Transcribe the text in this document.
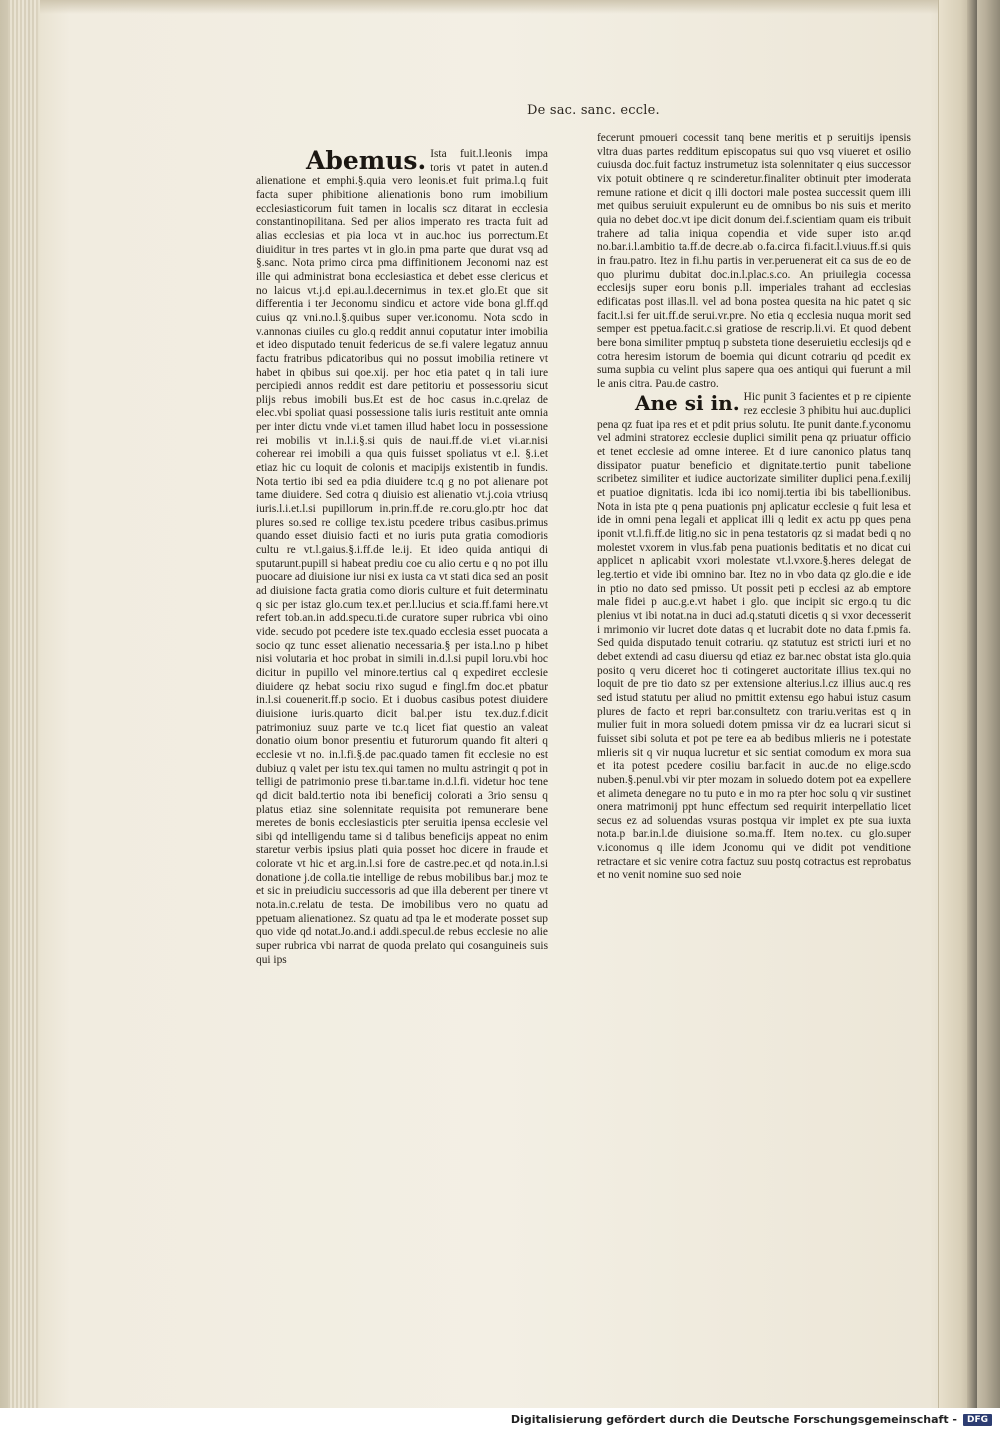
De sac. sanc. eccle.
Abemus. Ista fuit.l.leonis impa toris vt patet in auten.d alienatione et emphi.§.quia vero leonis.et fuit prima.l.q fuit facta super phibitione alienationis bono rum imobilium ecclesiasticorum fuit tamen in localis scz ditarat in ecclesia constantinopilitana. Sed per alios imperato res tracta fuit ad alias ecclesias et pia loca vt in auc.hoc ius porrectum.Et diuiditur in tres partes vt in glo.in pma parte que durat vsq ad §.sanc. Nota primo circa pma diffinitionem Jeconomi naz est ille qui administrat bona ecclesiastica et debet esse clericus et no laicus vt.j.d epi.au.l.decernimus in tex.et glo.Et que sit differentia i ter Jeconomu sindicu et actore vide bona gl.ff.qd cuius qz vni.no.l.§.quibus super ver.iconomu. Nota scdo in v.annonas ciuiles cu glo.q reddit annui coputatur inter imobilia et ideo disputado tenuit federicus de se.fi valere legatuz annuu factu fratribus pdicatoribus qui no possut imobilia retinere vt habet in qbibus sui qoe.xij. per hoc etia patet q in tali iure percipiedi annos reddit est dare petitoriu et possessoriu sicut plijs rebus imobili bus.Et est de hoc casus in.c.qrelaz de elec.vbi spoliat quasi possessione talis iuris restituit ante omnia per inter dictu vnde vi.et tamen illud habet locu in possessione rei mobilis vt in.l.i.§.si quis de naui.ff.de vi.et vi.ar.nisi coherear rei imobili a qua quis fuisset spoliatus vt e.l. §.i.et etiaz hic cu loquit de colonis et macipijs existentib in fundis. Nota tertio ibi sed ea pdia diuidere tc.q g no pot alienare pot tame diuidere. Sed cotra q diuisio est alienatio vt.j.coia vtriusq iuris.l.i.et.l.si pupillorum in.prin.ff.de re.coru.glo.ptr hoc dat plures so.sed re collige tex.istu pcedere tribus casibus.primus quando esset diuisio facti et no iuris puta gratia comodioris cultu re vt.l.gaius.§.i.ff.de le.ij. Et ideo quida antiqui di sputarunt.pupill si habeat prediu coe cu alio certu e q no pot illu puocare ad diuisione iur nisi ex iusta ca vt stati dica sed an posit ad diuisione facta gratia como dioris culture et fuit determinatu q sic per istaz glo.cum tex.et per.l.lucius et scia.ff.fami here.vt refert tob.an.in add.specu.ti.de curatore super rubrica vbi oino vide. secudo pot pcedere iste tex.quado ecclesia esset puocata a socio qz tunc esset alienatio necessaria.§ per ista.l.no p hibet nisi volutaria et hoc probat in simili in.d.l.si pupil loru.vbi hoc dicitur in pupillo vel minore.tertius cal q expediret ecclesie diuidere qz hebat sociu rixo sugud e fingl.fm doc.et pbatur in.l.si couenerit.ff.p socio. Et i duobus casibus potest diuidere diuisione iuris.quarto dicit bal.per istu tex.duz.f.dicit patrimoniuz suuz parte ve tc.q licet fiat questio an valeat donatio oium bonor presentiu et futurorum quando fit alteri q ecclesie vt no. in.l.fi.§.de pac.quado tamen fit ecclesie no est dubiuz q valet per istu tex.qui tamen no multu astringit q pot in telligi de patrimonio prese ti.bar.tame in.d.l.fi. videtur hoc tene qd dicit bald.tertio nota ibi beneficij colorati a 3rio sensu q platus etiaz sine solennitate requisita pot remunerare bene meretes de bonis ecclesiasticis pter seruitia ipensa ecclesie vel sibi qd intelligendu tame si d talibus beneficijs appeat no enim staretur verbis ipsius plati quia posset hoc dicere in fraude et colorate vt hic et arg.in.l.si fore de castre.pec.et qd nota.in.l.si donatione j.de colla.tie intellige de rebus mobilibus bar.j moz te et sic in preiudiciu successoris ad que illa deberent per tinere vt nota.in.c.relatu de testa. De imobilibus vero no quatu ad ppetuam alienationez. Sz quatu ad tpa le et moderate posset sup quo vide qd notat.Jo.and.i addi.specul.de rebus ecclesie no alie super rubrica vbi narrat de quoda prelato qui cosanguineis suis qui ips

fecerunt pmoueri cocessit tanq bene meritis et p seruitijs ipensis vltra duas partes redditum episcopatus sui quo vsq viueret et osilio cuiusda doc.fuit factuz instrumetuz ista solennitater q eius successor vix potuit obtinere q re scinderetur.finaliter obtinuit pter imoderata remune ratione et dicit q illi doctori male postea successit quem illi met quibus seruiuit expulerunt eu de omnibus bo nis suis et merito quia no debet doc.vt ipe dicit donum dei.f.scientiam quam eis tribuit trahere ad talia iniqua copendia et vide super isto ar.qd no.bar.i.l.ambitio ta.ff.de decre.ab o.fa.circa fi.facit.l.viuus.ff.si quis in frau.patro. Itez in fi.hu partis in ver.peruenerat eit ca sus de eo de quo plurimu dubitat doc.in.l.plac.s.co. An priuilegia cocessa ecclesijs super eoru bonis p.ll. imperiales trahant ad ecclesias edificatas post illas.ll. vel ad bona postea quesita na hic patet q sic facit.l.si fer uit.ff.de serui.vr.pre. No etia q ecclesia nuqua morit sed semper est ppetua.facit.c.si gratiose de rescrip.li.vi. Et quod debent bere bona similiter pmptuq p substeta tione deseruietiu ecclesijs qd e cotra heresim istorum de boemia qui dicunt cotrariu qd pcedit ex suma supbia cu velint plus sapere qua oes antiqui qui fuerunt a mil le anis citra. Pau.de castro.

Ane si in. Hic punit 3 facientes et p re cipiente rez ecclesie 3 phibitu hui auc.duplici pena qz fuat ipa res et et pdit prius solutu. Ite punit dante.f.yconomu vel admini stratorez ecclesie duplici similit pena qz priuatur officio et tenet ecclesie ad omne interee. Et d iure canonico platus tanq dissipator puatur beneficio et dignitate.tertio punit tabelione scribetez similiter et iudice auctorizate similiter duplici pena.f.exilij et puatioe dignitatis. lcda ibi ico nomij.tertia ibi bis tabellionibus. Nota in ista pte q pena puationis pnj aplicatur ecclesie q fuit lesa et ide in omni pena legali et applicat illi q ledit ex actu pp ques pena iponit vt.l.fi.ff.de litig.no sic in pena testatoris qz si madat bedi q no molestet vxorem in vlus.fab pena puationis beditatis et no dicat cui applicet n aplicabit vxori molestate vt.l.vxore.§.heres delegat de leg.tertio et vide ibi omnino bar. Itez no in vbo data qz glo.die e ide in ptio no dato sed pmisso. Ut possit peti p ecclesi az ab emptore male fidei p auc.g.e.vt habet i glo. que incipit sic ergo.q tu dic plenius vt ibi notat.na in duci ad.q.statuti dicetis q si vxor decesserit i mrimonio vir lucret dote datas q et lucrabit dote no data f.pmis fa. Sed quida disputado tenuit cotrariu. qz statutuz est stricti iuri et no debet extendi ad casu diuersu qd etiaz ez bar.nec obstat ista glo.quia posito q veru diceret hoc ti cotingeret auctoritate illius tex.qui no loquit de pre tio dato sz per extensione alterius.l.cz illius auc.q res sed istud statutu per aliud no pmittit extensu ego habui istuz casum plures de facto et repri bar.consultetz con trariu.veritas est q in mulier fuit in mora soluedi dotem pmissa vir dz ea lucrari sicut si fuisset sibi soluta et pot pe tere ea ab bedibus mlieris ne i potestate mlieris sit q vir nuqua lucretur et sic sentiat comodum ex mora sua et ita potest pcedere cosiliu bar.facit in auc.de no elige.scdo nuben.§.penul.vbi vir pter mozam in soluedo dotem pot ea expellere et alimeta denegare no tu puto e in mo ra pter hoc solu q vir sustinet onera matrimonij ppt hunc effectum sed requirit interpellatio licet secus ez ad soluendas vsuras postqua vir implet ex pte sua iuxta nota.p bar.in.l.de diuisione so.ma.ff. Item no.tex. cu glo.super v.iconomus q ille idem Jconomu qui ve didit pot venditione retractare et sic venire cotra factuz suu postq cotractus est reprobatus et no venit nomine suo sed noie

Digitalisierung gefördert durch die Deutsche Forschungsgemeinschaft -	DFG
